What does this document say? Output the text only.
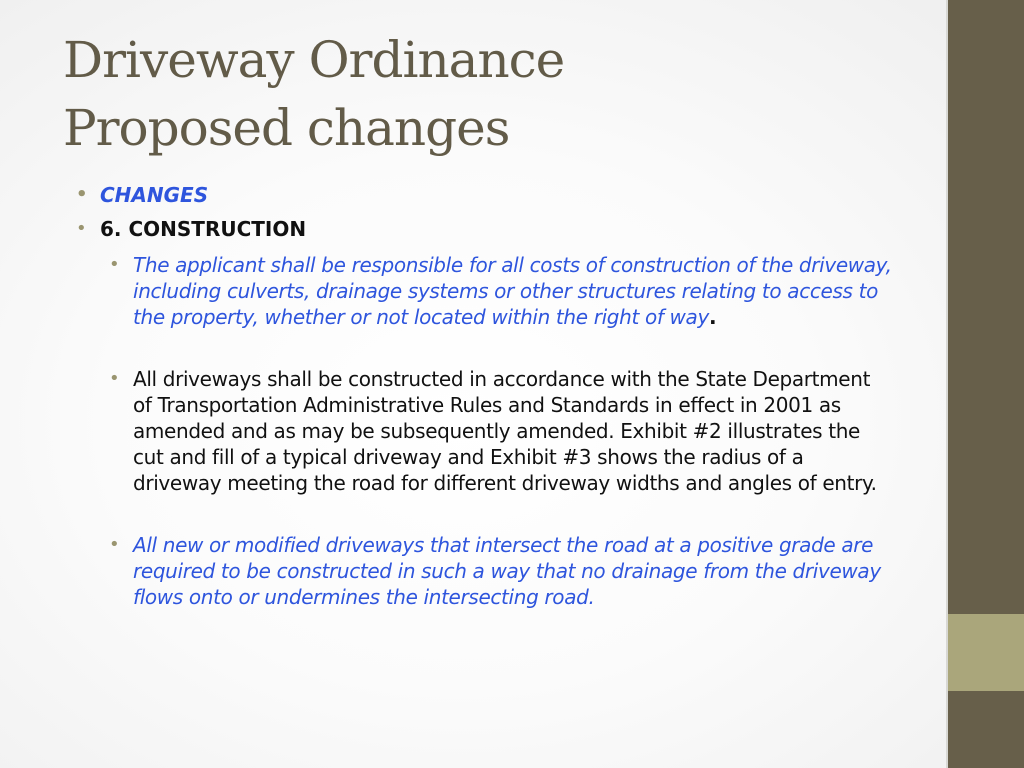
Driveway Ordinance
Proposed changes
• CHANGES
• 6. CONSTRUCTION
• The applicant shall be responsible for all costs of construction of the driveway, including culverts, drainage systems or other structures relating to access to the property, whether or not located within the right of way.
• All driveways shall be constructed in accordance with the State Department of Transportation Administrative Rules and Standards in effect in 2001 as amended and as may be subsequently amended. Exhibit #2 illustrates the cut and fill of a typical driveway and Exhibit #3 shows the radius of a driveway meeting the road for different driveway widths and angles of entry.
• All new or modified driveways that intersect the road at a positive grade are required to be constructed in such a way that no drainage from the driveway flows onto or undermines the intersecting road.
